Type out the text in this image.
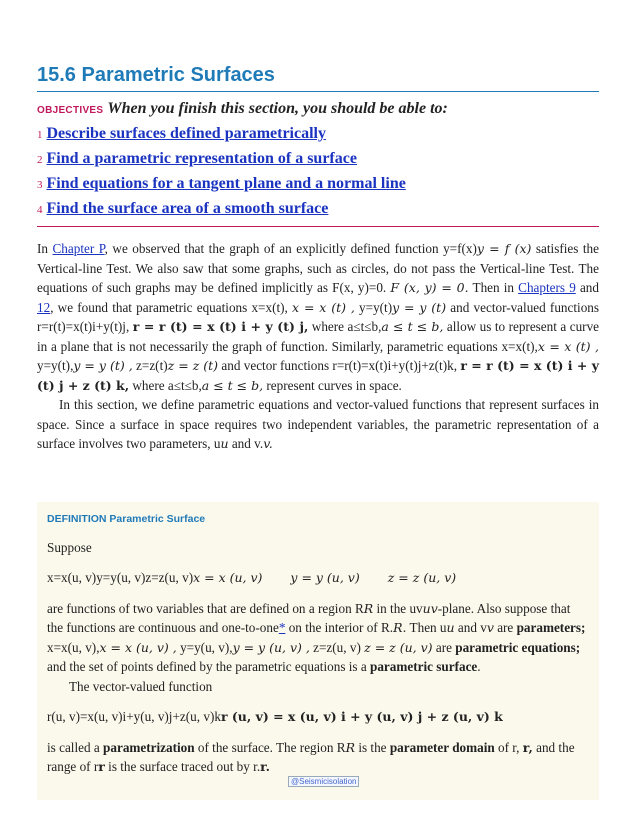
15.6 Parametric Surfaces
OBJECTIVES When you finish this section, you should be able to:
1 Describe surfaces defined parametrically
2 Find a parametric representation of a surface
3 Find equations for a tangent plane and a normal line
4 Find the surface area of a smooth surface

In Chapter P, we observed that the graph of an explicitly defined function y=f(x)y = f (x) satisfies the Vertical-line Test. We also saw that some graphs, such as circles, do not pass the Vertical-line Test. The equations of such graphs may be defined implicitly as F(x, y)=0. F (x, y) = 0. Then in Chapters 9 and 12, we found that parametric equations x=x(t), x = x (t) , y=y(t)y = y (t) and vector-valued functions r=r(t)=x(t)i+y(t)j, r = r (t) = x (t) i + y (t) j, where a≤t≤b,a ≤ t ≤ b, allow us to represent a curve in a plane that is not necessarily the graph of function. Similarly, parametric equations x=x(t),x = x (t) , y=y(t),y = y (t) , z=z(t)z = z (t) and vector functions r=r(t)=x(t)i+y(t)j+z(t)k, r = r (t) = x (t) i + y (t) j + z (t) k, where a≤t≤b,a ≤ t ≤ b, represent curves in space.

In this section, we define parametric equations and vector-valued functions that represent surfaces in space. Since a surface in space requires two independent variables, the parametric representation of a surface involves two parameters, uu and v.v.

DEFINITION Parametric Surface

Suppose

x=x(u, v)y=y(u, v)z=z(u, v)x = x (u, v) y = y (u, v) z = z (u, v)

are functions of two variables that are defined on a region RR in the uvuv-plane. Also suppose that the functions are continuous and one-to-one* on the interior of R.R. Then uu and vv are parameters; x=x(u, v),x = x (u, v) , y=y(u, v),y = y (u, v) , z=z(u, v) z = z (u, v) are parametric equations; and the set of points defined by the parametric equations is a parametric surface.

The vector-valued function

r(u, v)=x(u, v)i+y(u, v)j+z(u, v)kr (u, v) = x (u, v) i + y (u, v) j + z (u, v) k

is called a parametrization of the surface. The region RR is the parameter domain of r, r, and the range of rr is the surface traced out by r.r.

@Seismicisolation
